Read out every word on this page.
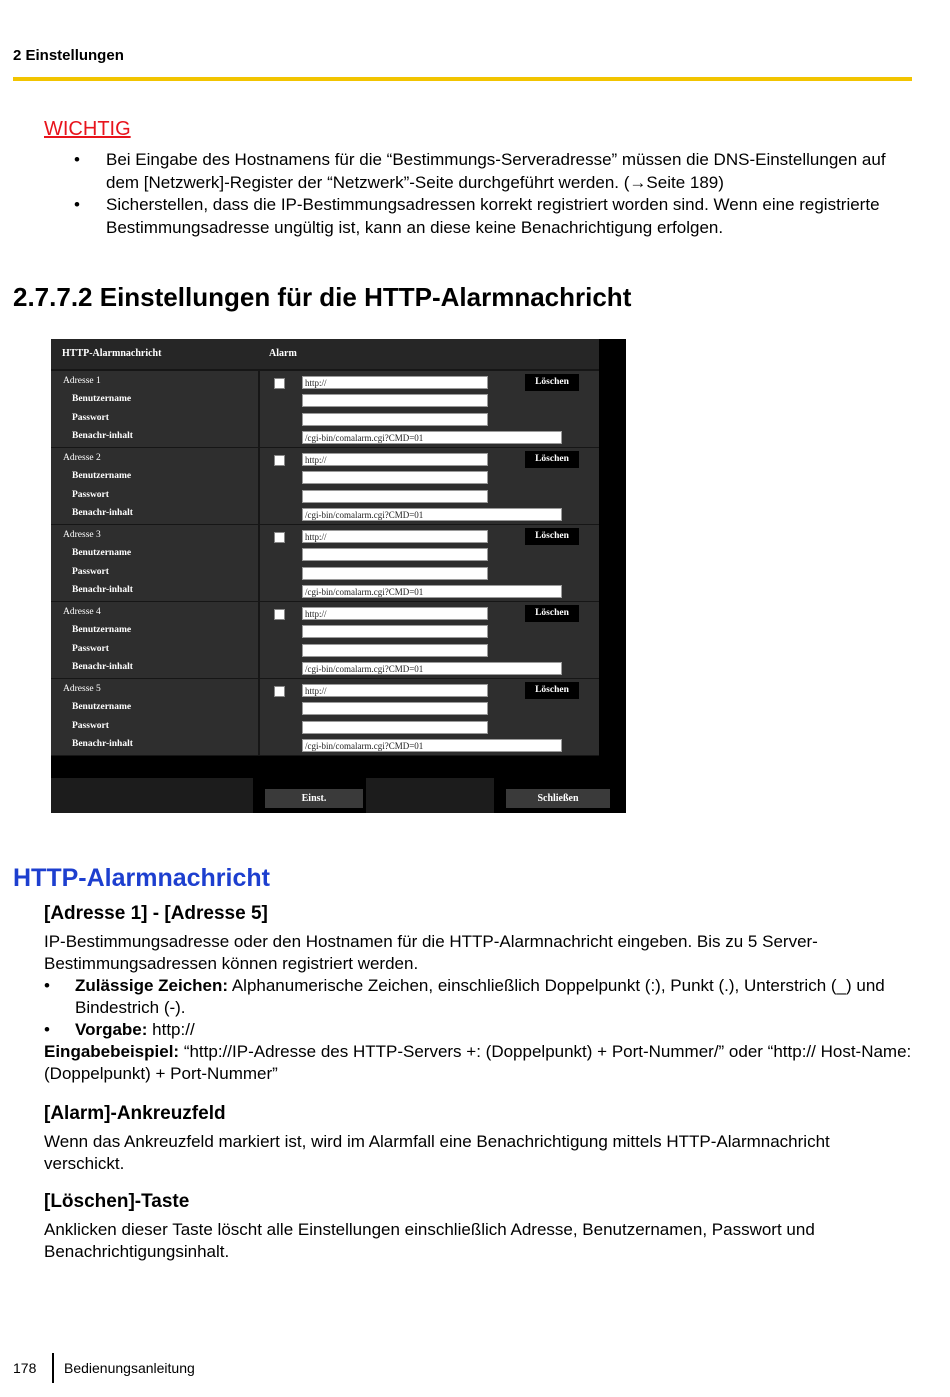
2 Einstellungen
WICHTIG
• Bei Eingabe des Hostnamens für die “Bestimmungs-Serveradresse” müssen die DNS-Einstellungen auf dem [Netzwerk]-Register der “Netzwerk”-Seite durchgeführt werden. (→Seite 189)
• Sicherstellen, dass die IP-Bestimmungsadressen korrekt registriert worden sind. Wenn eine registrierte Bestimmungsadresse ungültig ist, kann an diese keine Benachrichtigung erfolgen.
2.7.7.2 Einstellungen für die HTTP-Alarmnachricht
HTTP-Alarmnachricht	Alarm
Adresse 1
Benutzername
Passwort
Benachr-inhalt
http://
/cgi-bin/comalarm.cgi?CMD=01
Löschen
Adresse 2
Benutzername
Passwort
Benachr-inhalt
http://
/cgi-bin/comalarm.cgi?CMD=01
Löschen
Adresse 3
Benutzername
Passwort
Benachr-inhalt
http://
/cgi-bin/comalarm.cgi?CMD=01
Löschen
Adresse 4
Benutzername
Passwort
Benachr-inhalt
http://
/cgi-bin/comalarm.cgi?CMD=01
Löschen
Adresse 5
Benutzername
Passwort
Benachr-inhalt
http://
/cgi-bin/comalarm.cgi?CMD=01
Löschen
Einst.	Schließen
HTTP-Alarmnachricht
[Adresse 1] - [Adresse 5]
IP-Bestimmungsadresse oder den Hostnamen für die HTTP-Alarmnachricht eingeben. Bis zu 5 Server-Bestimmungsadressen können registriert werden.
• Zulässige Zeichen: Alphanumerische Zeichen, einschließlich Doppelpunkt (:), Punkt (.), Unterstrich (_) und Bindestrich (-).
• Vorgabe: http://
Eingabebeispiel: “http://IP-Adresse des HTTP-Servers +: (Doppelpunkt) + Port-Nummer/” oder “http:// Host-Name: (Doppelpunkt) + Port-Nummer”
[Alarm]-Ankreuzfeld
Wenn das Ankreuzfeld markiert ist, wird im Alarmfall eine Benachrichtigung mittels HTTP-Alarmnachricht verschickt.
[Löschen]-Taste
Anklicken dieser Taste löscht alle Einstellungen einschließlich Adresse, Benutzernamen, Passwort und Benachrichtigungsinhalt.
178 Bedienungsanleitung
